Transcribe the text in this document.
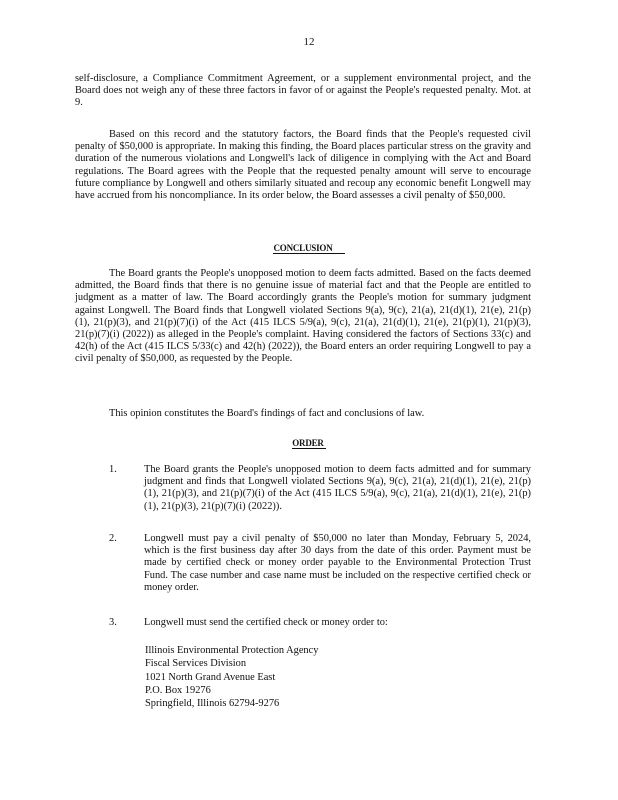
12

self-disclosure, a Compliance Commitment Agreement, or a supplement environmental project, and the Board does not weigh any of these three factors in favor of or against the People's requested penalty. Mot. at 9.

Based on this record and the statutory factors, the Board finds that the People's requested civil penalty of $50,000 is appropriate. In making this finding, the Board places particular stress on the gravity and duration of the numerous violations and Longwell's lack of diligence in complying with the Act and Board regulations. The Board agrees with the People that the requested penalty amount will serve to encourage future compliance by Longwell and others similarly situated and recoup any economic benefit Longwell may have accrued from his noncompliance. In its order below, the Board assesses a civil penalty of $50,000.

CONCLUSION

The Board grants the People's unopposed motion to deem facts admitted. Based on the facts deemed admitted, the Board finds that there is no genuine issue of material fact and that the People are entitled to judgment as a matter of law. The Board accordingly grants the People's motion for summary judgment against Longwell. The Board finds that Longwell violated Sections 9(a), 9(c), 21(a), 21(d)(1), 21(e), 21(p)(1), 21(p)(3), and 21(p)(7)(i) of the Act (415 ILCS 5/9(a), 9(c), 21(a), 21(d)(1), 21(e), 21(p)(1), 21(p)(3), 21(p)(7)(i) (2022)) as alleged in the People's complaint. Having considered the factors of Sections 33(c) and 42(h) of the Act (415 ILCS 5/33(c) and 42(h) (2022)), the Board enters an order requiring Longwell to pay a civil penalty of $50,000, as requested by the People.

This opinion constitutes the Board's findings of fact and conclusions of law.

ORDER
1.	The Board grants the People's unopposed motion to deem facts admitted and for summary judgment and finds that Longwell violated Sections 9(a), 9(c), 21(a), 21(d)(1), 21(e), 21(p)(1), 21(p)(3), and 21(p)(7)(i) of the Act (415 ILCS 5/9(a), 9(c), 21(a), 21(d)(1), 21(e), 21(p)(1), 21(p)(3), 21(p)(7)(i) (2022)).
2.	Longwell must pay a civil penalty of $50,000 no later than Monday, February 5, 2024, which is the first business day after 30 days from the date of this order. Payment must be made by certified check or money order payable to the Environmental Protection Trust Fund. The case number and case name must be included on the respective certified check or money order.
3.	Longwell must send the certified check or money order to:
Illinois Environmental Protection Agency
Fiscal Services Division
1021 North Grand Avenue East
P.O. Box 19276
Springfield, Illinois 62794-9276
